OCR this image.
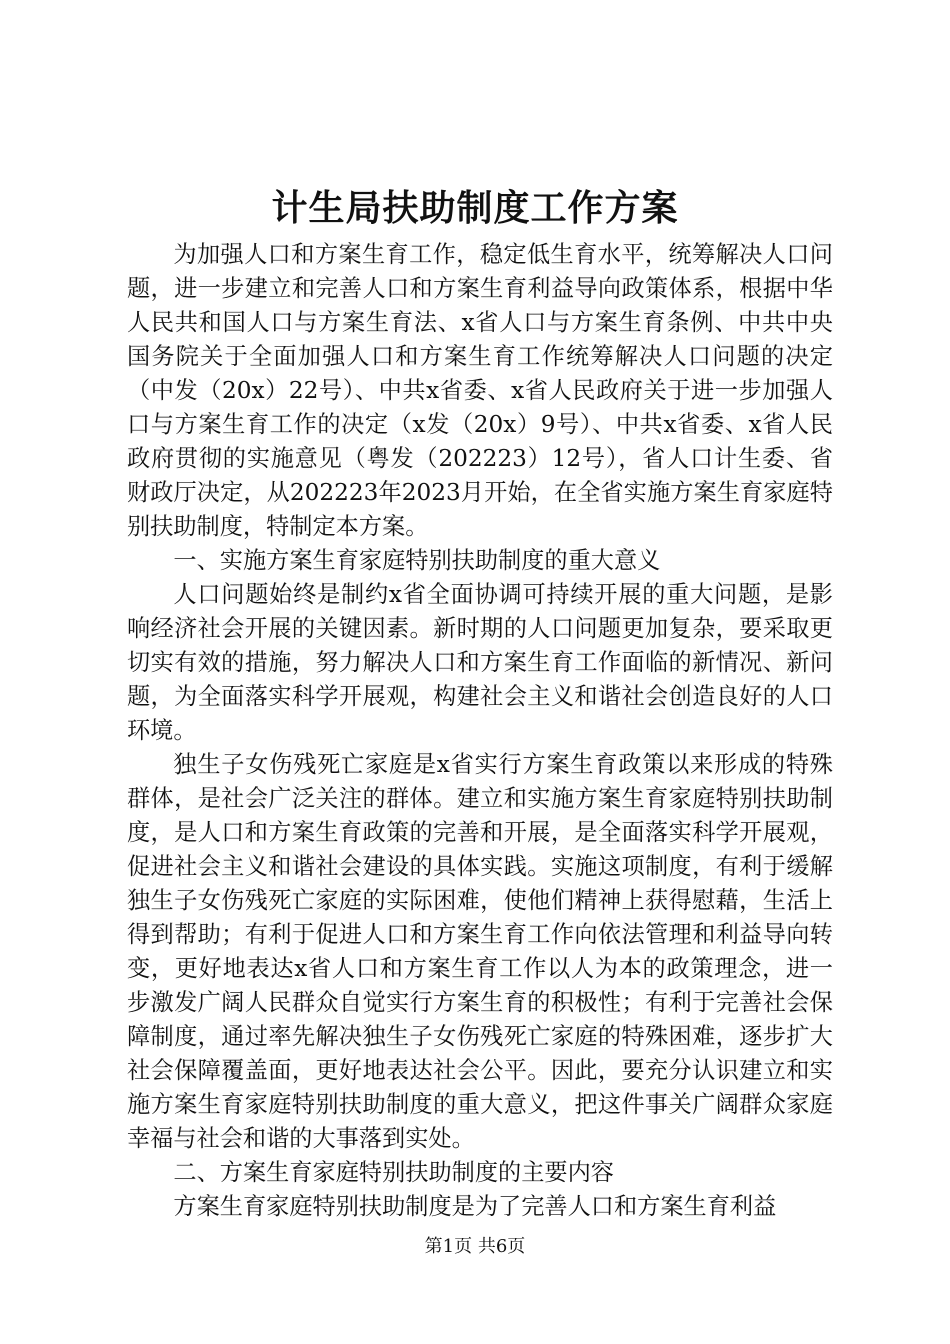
计生局扶助制度工作方案

为加强人口和方案生育工作，稳定低生育水平，统筹解决人口问题，进一步建立和完善人口和方案生育利益导向政策体系，根据中华人民共和国人口与方案生育法、x省人口与方案生育条例、中共中央国务院关于全面加强人口和方案生育工作统筹解决人口问题的决定（中发（20x）22号）、中共x省委、x省人民政府关于进一步加强人口与方案生育工作的决定（x发（20x）9号）、中共x省委、x省人民政府贯彻的实施意见（粤发（202223）12号），省人口计生委、省财政厅决定，从202223年2023月开始，在全省实施方案生育家庭特别扶助制度，特制定本方案。

一、实施方案生育家庭特别扶助制度的重大意义

人口问题始终是制约x省全面协调可持续开展的重大问题，是影响经济社会开展的关键因素。新时期的人口问题更加复杂，要采取更切实有效的措施，努力解决人口和方案生育工作面临的新情况、新问题，为全面落实科学开展观，构建社会主义和谐社会创造良好的人口环境。

独生子女伤残死亡家庭是x省实行方案生育政策以来形成的特殊群体，是社会广泛关注的群体。建立和实施方案生育家庭特别扶助制度，是人口和方案生育政策的完善和开展，是全面落实科学开展观，促进社会主义和谐社会建设的具体实践。实施这项制度，有利于缓解独生子女伤残死亡家庭的实际困难，使他们精神上获得慰藉，生活上得到帮助；有利于促进人口和方案生育工作向依法管理和利益导向转变，更好地表达x省人口和方案生育工作以人为本的政策理念，进一步激发广阔人民群众自觉实行方案生育的积极性；有利于完善社会保障制度，通过率先解决独生子女伤残死亡家庭的特殊困难，逐步扩大社会保障覆盖面，更好地表达社会公平。因此，要充分认识建立和实施方案生育家庭特别扶助制度的重大意义，把这件事关广阔群众家庭幸福与社会和谐的大事落到实处。

二、方案生育家庭特别扶助制度的主要内容

方案生育家庭特别扶助制度是为了完善人口和方案生育利益

第1页 共6页
